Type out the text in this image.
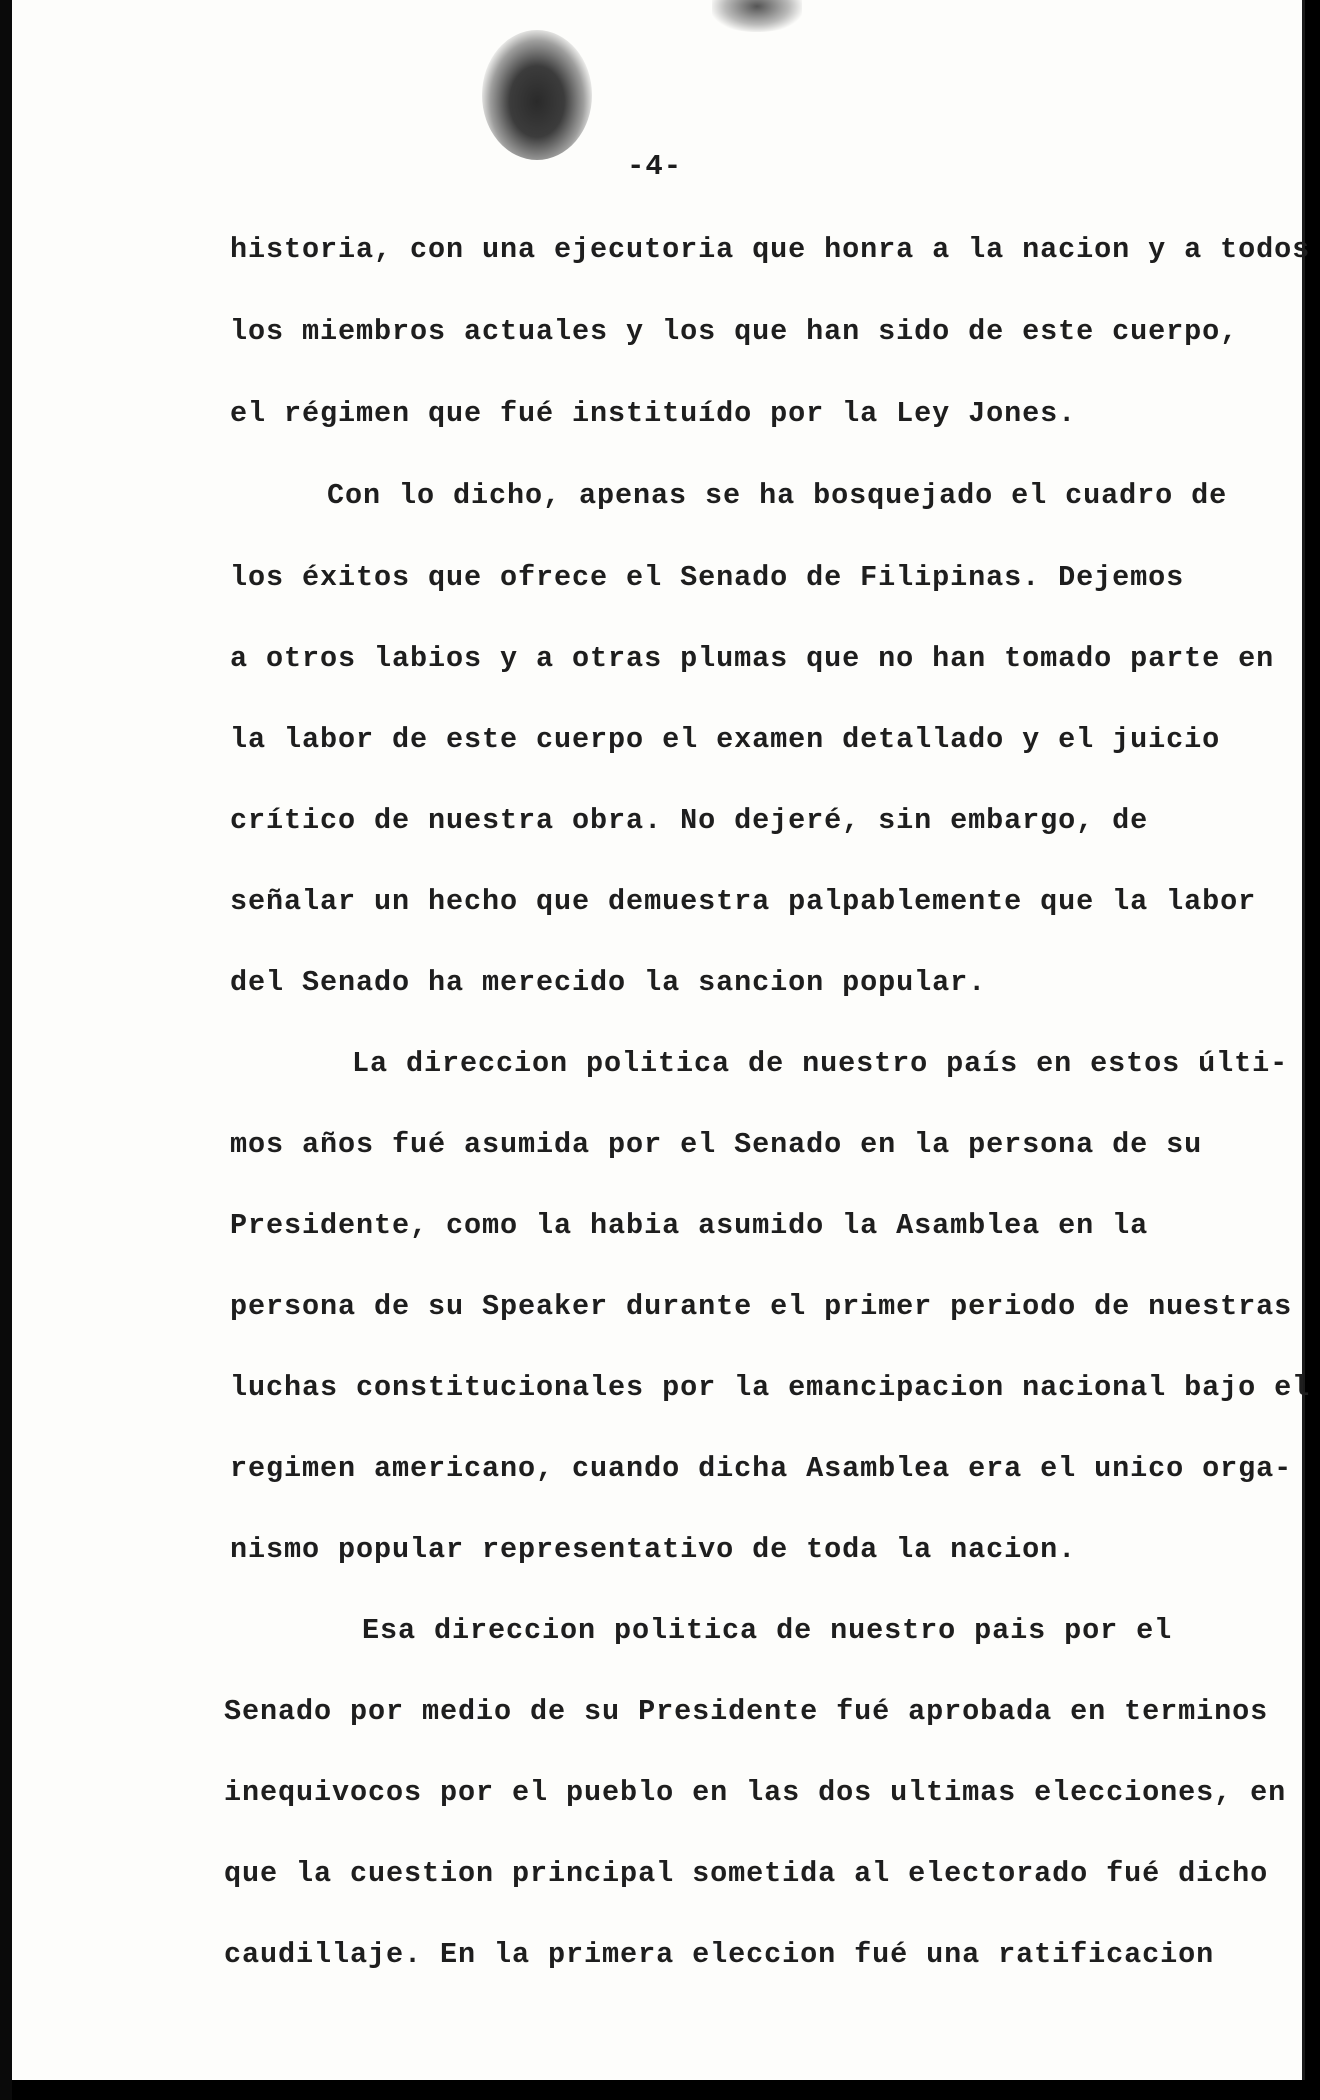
-4-
historia, con una ejecutoria que honra a la nacion y a todos
los miembros actuales y los que han sido de este cuerpo,
el régimen que fué instituído por la Ley Jones.
Con lo dicho, apenas se ha bosquejado el cuadro de
los éxitos que ofrece el Senado de Filipinas. Dejemos
a otros labios y a otras plumas que no han tomado parte en
la labor de este cuerpo el examen detallado y el juicio
crítico de nuestra obra. No dejeré, sin embargo, de
señalar un hecho que demuestra palpablemente que la labor
del Senado ha merecido la sancion popular.
La direccion politica de nuestro país en estos últi-
mos años fué asumida por el Senado en la persona de su
Presidente, como la habia asumido la Asamblea en la
persona de su Speaker durante el primer periodo de nuestras
luchas constitucionales por la emancipacion nacional bajo el
regimen americano, cuando dicha Asamblea era el unico orga-
nismo popular representativo de toda la nacion.
Esa direccion politica de nuestro pais por el
Senado por medio de su Presidente fué aprobada en terminos
inequivocos por el pueblo en las dos ultimas elecciones, en
que la cuestion principal sometida al electorado fué dicho
caudillaje. En la primera eleccion fué una ratificacion
